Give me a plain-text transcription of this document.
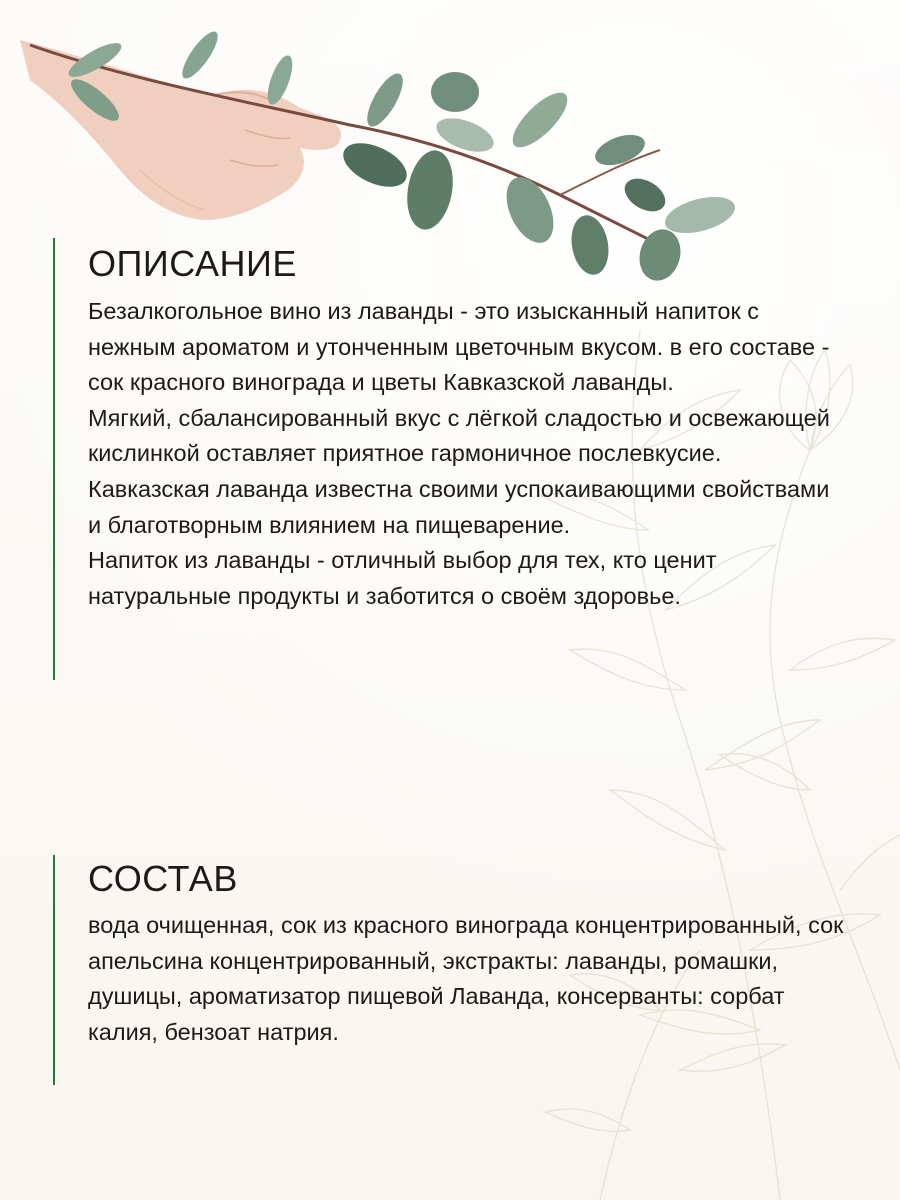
ОПИСАНИЕ

Безалкогольное вино из лаванды - это изысканный напиток с нежным ароматом и утонченным цветочным вкусом. в его составе - сок красного винограда и цветы Кавказской лаванды.

Мягкий, сбалансированный вкус с лёгкой сладостью и освежающей кислинкой оставляет приятное гармоничное послевкусие.

Кавказская лаванда известна своими успокаивающими свойствами и благотворным влиянием на пищеварение.

Напиток из лаванды - отличный выбор для тех, кто ценит натуральные продукты и заботится о своём здоровье.

СОСТАВ

вода очищенная, сок из красного винограда концентрированный, сок апельсина концентрированный, экстракты: лаванды, ромашки, душицы, ароматизатор пищевой Лаванда, консерванты: сорбат калия, бензоат натрия.
